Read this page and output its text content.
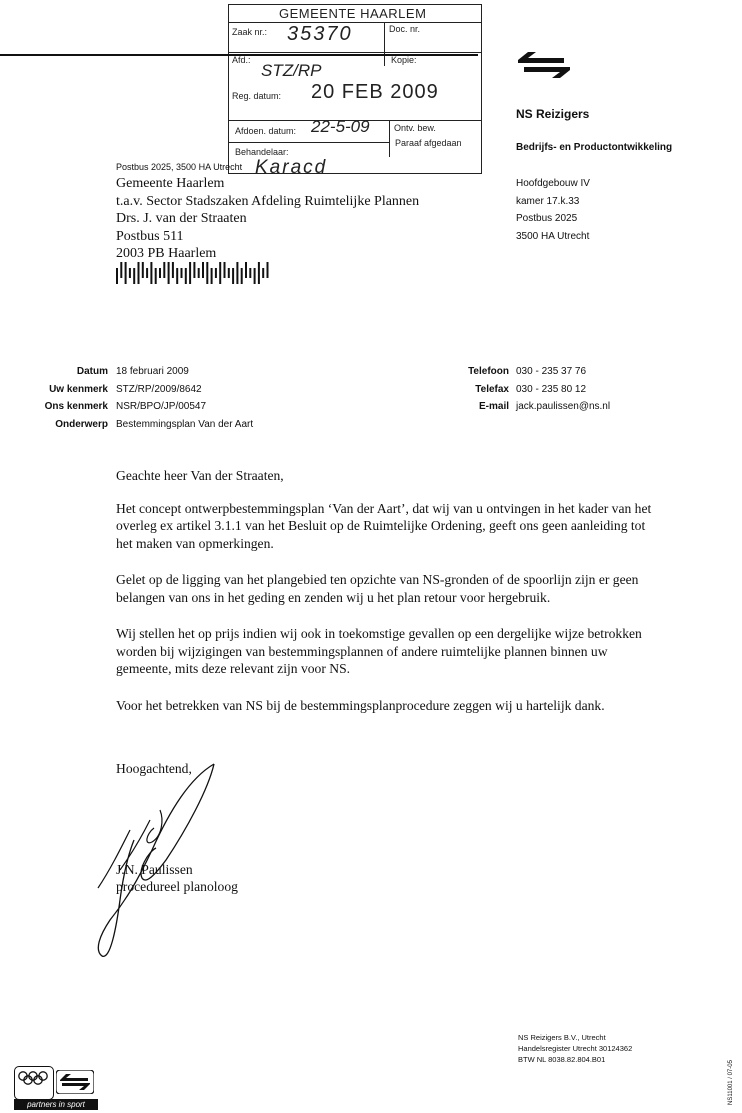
GEMEENTE HAARLEM
Zaak nr.: 35370	Doc. nr.
Afd.:	Kopie:
STZ/RP
Reg. datum: 20 FEB 2009
Afdoen. datum: 22-5-09	Ontv. bew.
Paraaf afgedaan
Behandelaar:
Karacd
NS Reizigers
Bedrijfs- en Productontwikkeling
Hoofdgebouw IV
kamer 17.k.33
Postbus 2025
3500 HA Utrecht
Postbus 2025, 3500 HA Utrecht
Gemeente Haarlem
t.a.v. Sector Stadszaken Afdeling Ruimtelijke Plannen
Drs. J. van der Straaten
Postbus 511
2003 PB Haarlem
Datum 18 februari 2009
Uw kenmerk STZ/RP/2009/8642
Ons kenmerk NSR/BPO/JP/00547
Onderwerp Bestemmingsplan Van der Aart
Telefoon 030 - 235 37 76
Telefax 030 - 235 80 12
E-mail jack.paulissen@ns.nl

Geachte heer Van der Straaten,

Het concept ontwerpbestemmingsplan ‘Van der Aart’, dat wij van u ontvingen in het kader van het overleg ex artikel 3.1.1 van het Besluit op de Ruimtelijke Ordening, geeft ons geen aanleiding tot het maken van opmerkingen.

Gelet op de ligging van het plangebied ten opzichte van NS-gronden of de spoorlijn zijn er geen belangen van ons in het geding en zenden wij u het plan retour voor hergebruik.

Wij stellen het op prijs indien wij ook in toekomstige gevallen op een dergelijke wijze betrokken worden bij wijzigingen van bestemmingsplannen of andere ruimtelijke plannen binnen uw gemeente, mits deze relevant zijn voor NS.

Voor het betrekken van NS bij de bestemmingsplanprocedure zeggen wij u hartelijk dank.

Hoogachtend,
J.N. Paulissen
procedureel planoloog
NS Reizigers B.V., Utrecht
Handelsregister Utrecht 30124362
BTW NL 8038.82.804.B01
partners in sport	NS11001 / 07-05
